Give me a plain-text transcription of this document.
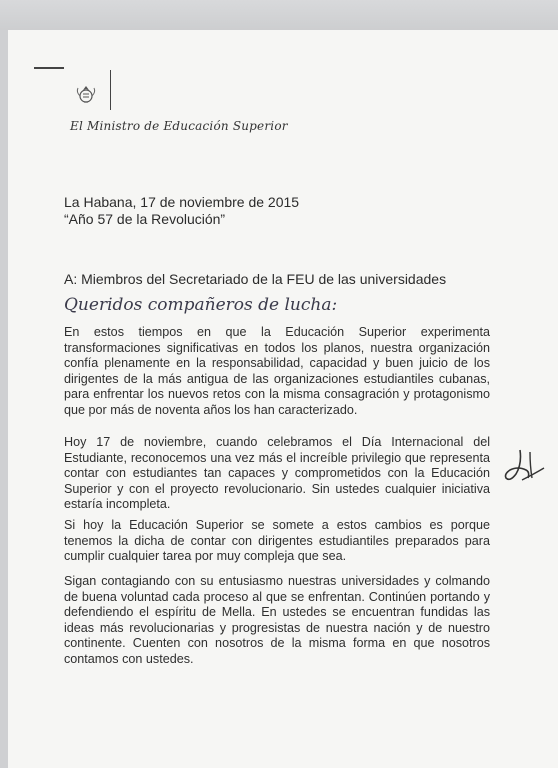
El Ministro de Educación Superior
La Habana, 17 de noviembre de 2015
“Año 57 de la Revolución”
A: Miembros del Secretariado de la FEU de las universidades
Queridos compañeros de lucha:
En estos tiempos en que la Educación Superior experimenta transformaciones significativas en todos los planos, nuestra organización confía plenamente en la responsabilidad, capacidad y buen juicio de los dirigentes de la más antigua de las organizaciones estudiantiles cubanas, para enfrentar los nuevos retos con la misma consagración y protagonismo que por más de noventa años los han caracterizado.
Hoy 17 de noviembre, cuando celebramos el Día Internacional del Estudiante, reconocemos una vez más el increíble privilegio que representa contar con estudiantes tan capaces y comprometidos con la Educación Superior y con el proyecto revolucionario. Sin ustedes cualquier iniciativa estaría incompleta.
Si hoy la Educación Superior se somete a estos cambios es porque tenemos la dicha de contar con dirigentes estudiantiles preparados para cumplir cualquier tarea por muy compleja que sea.
Sigan contagiando con su entusiasmo nuestras universidades y colmando de buena voluntad cada proceso al que se enfrentan. Continúen portando y defendiendo el espíritu de Mella. En ustedes se encuentran fundidas las ideas más revolucionarias y progresistas de nuestra nación y de nuestro continente. Cuenten con nosotros de la misma forma en que nosotros contamos con ustedes.
